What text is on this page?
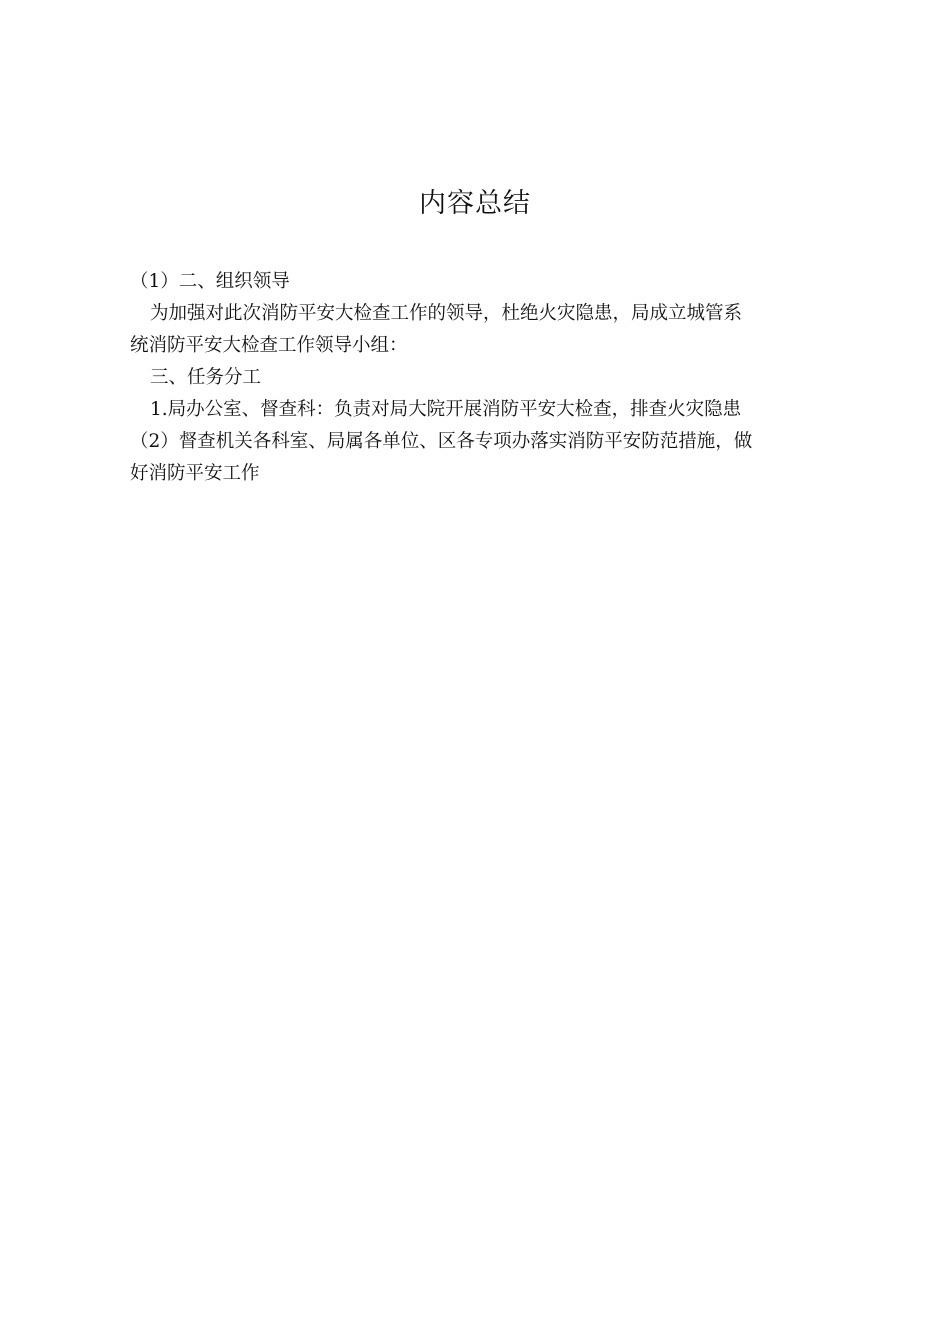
内容总结
（1）二、组织领导
为加强对此次消防平安大检查工作的领导，杜绝火灾隐患，局成立城管系
统消防平安大检查工作领导小组：
三、任务分工
1.局办公室、督查科：负责对局大院开展消防平安大检查，排查火灾隐患
（2）督查机关各科室、局属各单位、区各专项办落实消防平安防范措施，做
好消防平安工作
